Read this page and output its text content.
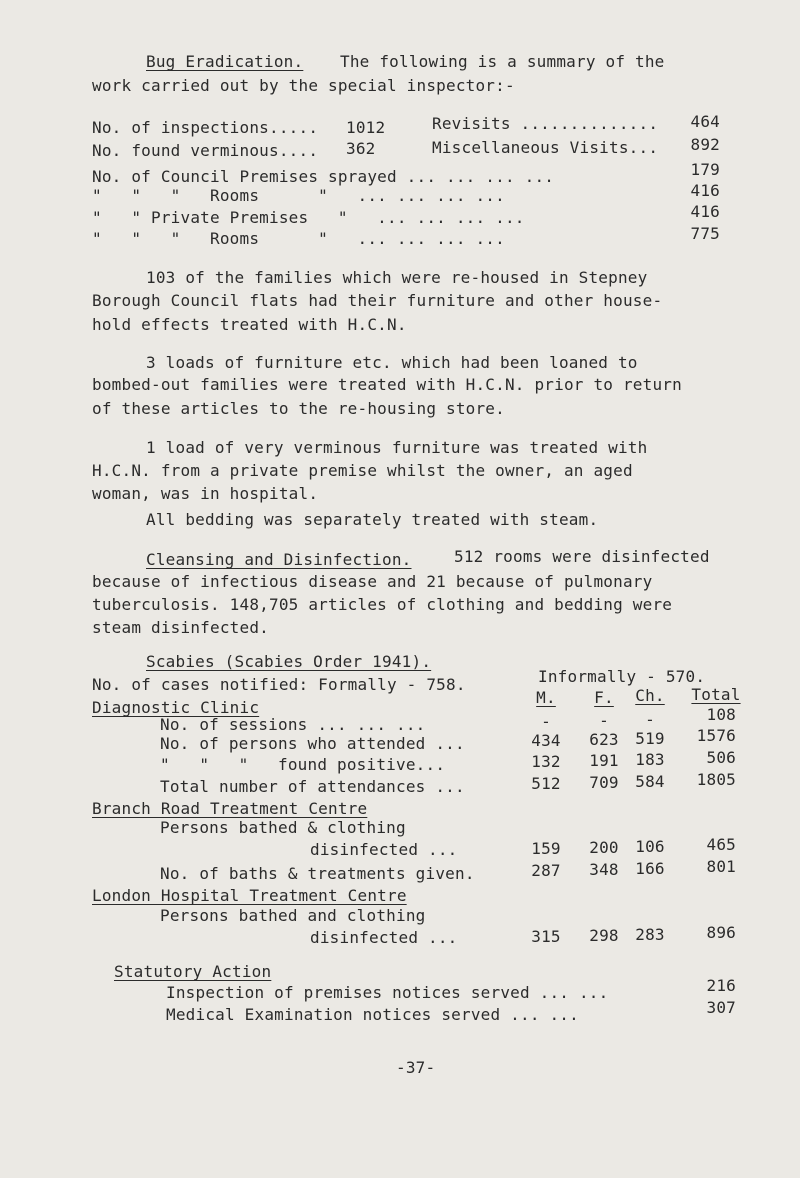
Bug Eradication. The following is a summary of the
work carried out by the special inspector:-
No. of inspections..... 1012	Revisits ..............	464
No. found verminous.... 362	Miscellaneous Visits...	892
No. of Council Premises sprayed ... ... ... ...	179
"   "   "   Rooms      "   ... ... ... ...	416
"   " Private Premises   "   ... ... ... ...	416
"   "   "   Rooms      "   ... ... ... ...	775
103 of the families which were re-housed in Stepney
Borough Council flats had their furniture and other house-
hold effects treated with H.C.N.
3 loads of furniture etc. which had been loaned to
bombed-out families were treated with H.C.N. prior to return
of these articles to the re-housing store.
1 load of very verminous furniture was treated with
H.C.N. from a private premise whilst the owner, an aged
woman, was in hospital.
All bedding was separately treated with steam.
Cleansing and Disinfection.	512 rooms were disinfected
because of infectious disease and 21 because of pulmonary
tuberculosis. 148,705 articles of clothing and bedding were
steam disinfected.
Scabies (Scabies Order 1941).
No. of cases notified: Formally - 758.	Informally - 570.
Diagnostic Clinic
M.	F.	Ch.	Total
No. of sessions ... ... ...	-	-	-	108
No. of persons who attended ...	434	623	519	1576
"   "   "   found positive...	132	191	183	506
Total number of attendances ...	512	709	584	1805
Branch Road Treatment Centre
Persons bathed & clothing
disinfected ...	159	200	106	465
No. of baths & treatments given.	287	348	166	801
London Hospital Treatment Centre
Persons bathed and clothing
disinfected ...	315	298	283	896
Statutory Action
Inspection of premises notices served ... ...	216
Medical Examination notices served ... ...	307
-37-
